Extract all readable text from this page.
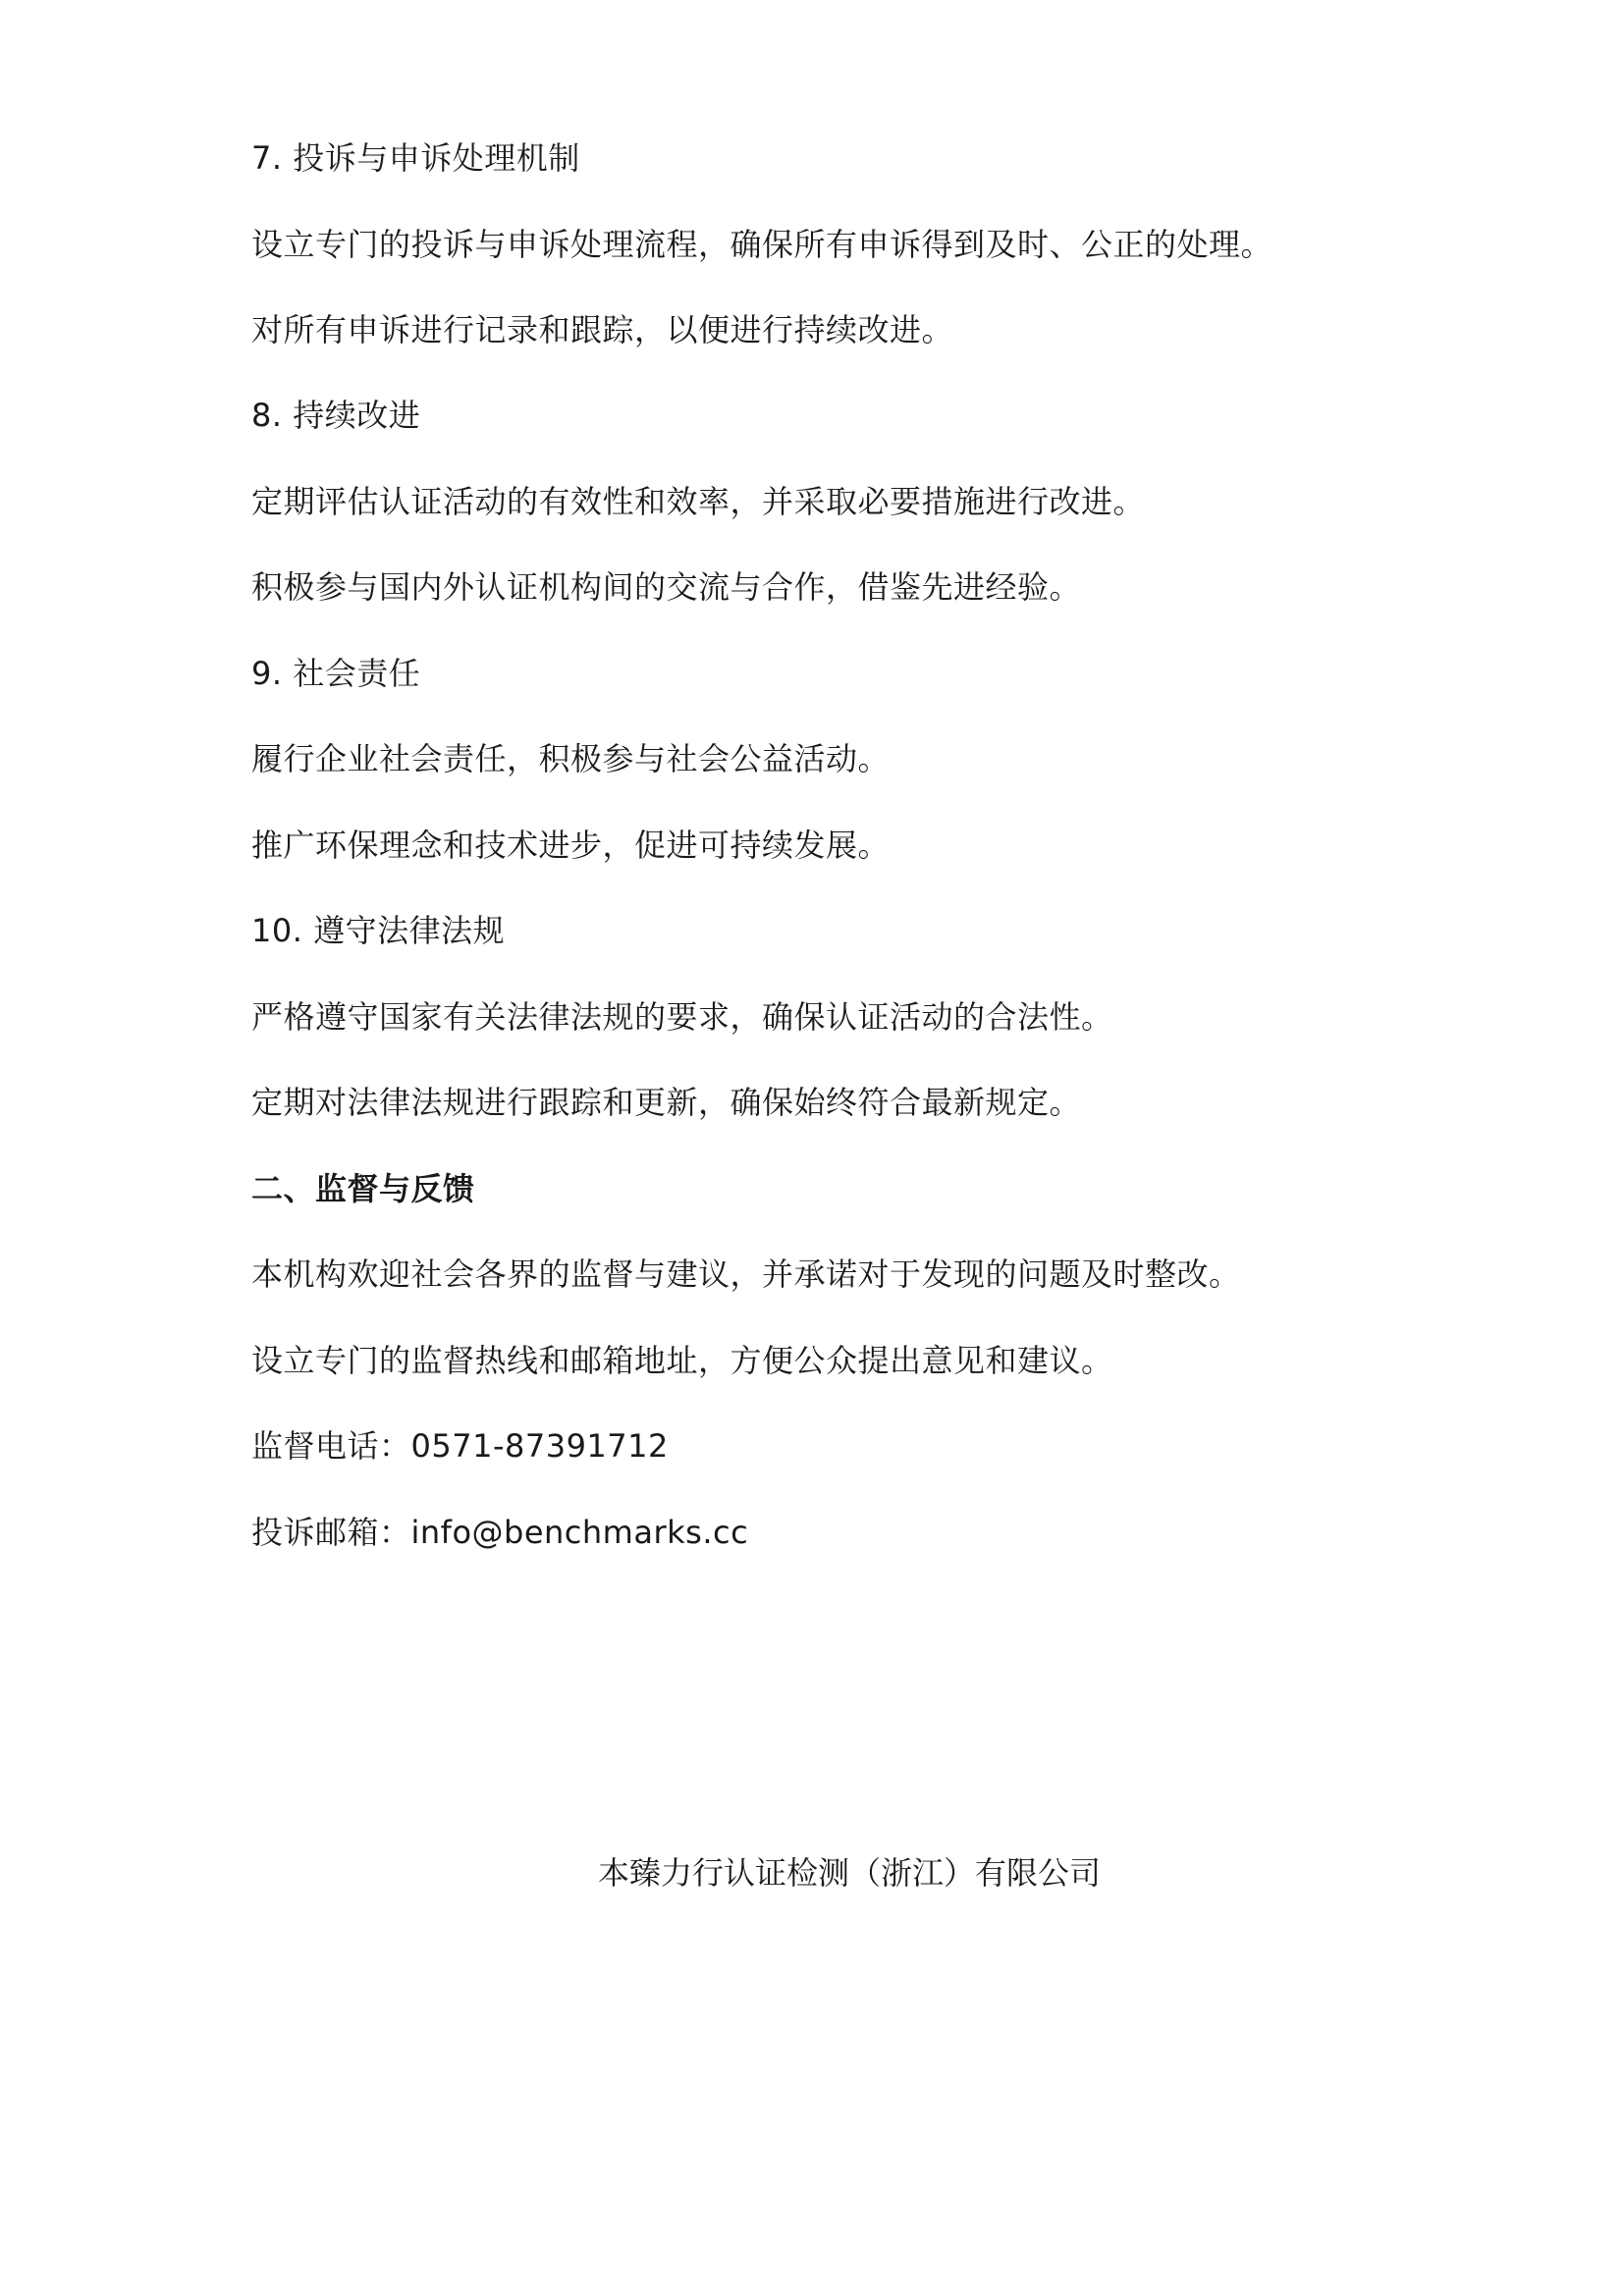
7. 投诉与申诉处理机制
设立专门的投诉与申诉处理流程，确保所有申诉得到及时、公正的处理。
对所有申诉进行记录和跟踪，以便进行持续改进。
8. 持续改进
定期评估认证活动的有效性和效率，并采取必要措施进行改进。
积极参与国内外认证机构间的交流与合作，借鉴先进经验。
9. 社会责任
履行企业社会责任，积极参与社会公益活动。
推广环保理念和技术进步，促进可持续发展。
10. 遵守法律法规
严格遵守国家有关法律法规的要求，确保认证活动的合法性。
定期对法律法规进行跟踪和更新，确保始终符合最新规定。
二、监督与反馈
本机构欢迎社会各界的监督与建议，并承诺对于发现的问题及时整改。
设立专门的监督热线和邮箱地址，方便公众提出意见和建议。
监督电话：0571-87391712
投诉邮箱：info@benchmarks.cc
本臻力行认证检测（浙江）有限公司
